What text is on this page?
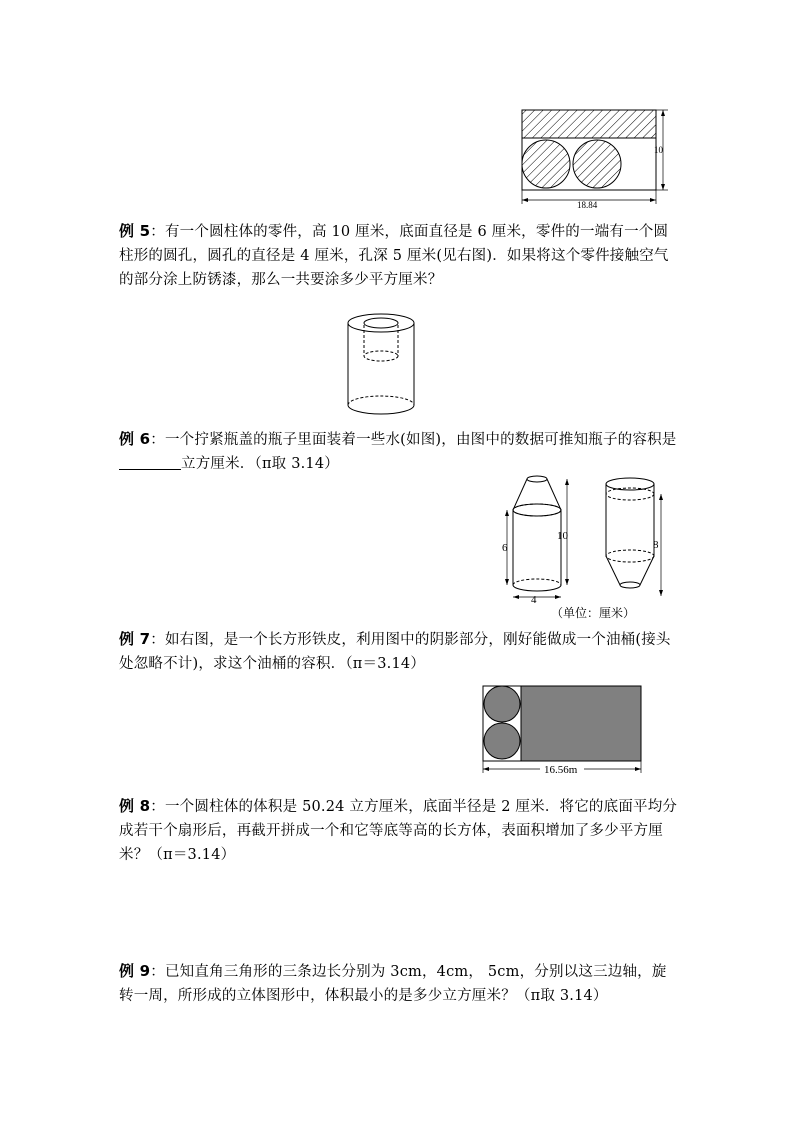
10
18.84
例 5：有一个圆柱体的零件，高 10 厘米，底面直径是 6 厘米，零件的一端有一个圆柱形的圆孔，圆孔的直径是 4 厘米，孔深 5 厘米(见右图)．如果将这个零件接触空气的部分涂上防锈漆，那么一共要涂多少平方厘米？
例 6：一个拧紧瓶盖的瓶子里面装着一些水(如图)，由图中的数据可推知瓶子的容积是立方厘米．（π取 3.14）
6
10
4
8
（单位：厘米）
例 7：如右图，是一个长方形铁皮，利用图中的阴影部分，刚好能做成一个油桶(接头处忽略不计)，求这个油桶的容积．（π＝3.14）
16.56m
例 8：一个圆柱体的体积是 50.24 立方厘米，底面半径是 2 厘米．将它的底面平均分成若干个扇形后，再截开拼成一个和它等底等高的长方体，表面积增加了多少平方厘米？（π＝3.14）
例 9：已知直角三角形的三条边长分别为 3cm，4cm， 5cm，分别以这三边轴，旋转一周，所形成的立体图形中，体积最小的是多少立方厘米？（π取 3.14）
